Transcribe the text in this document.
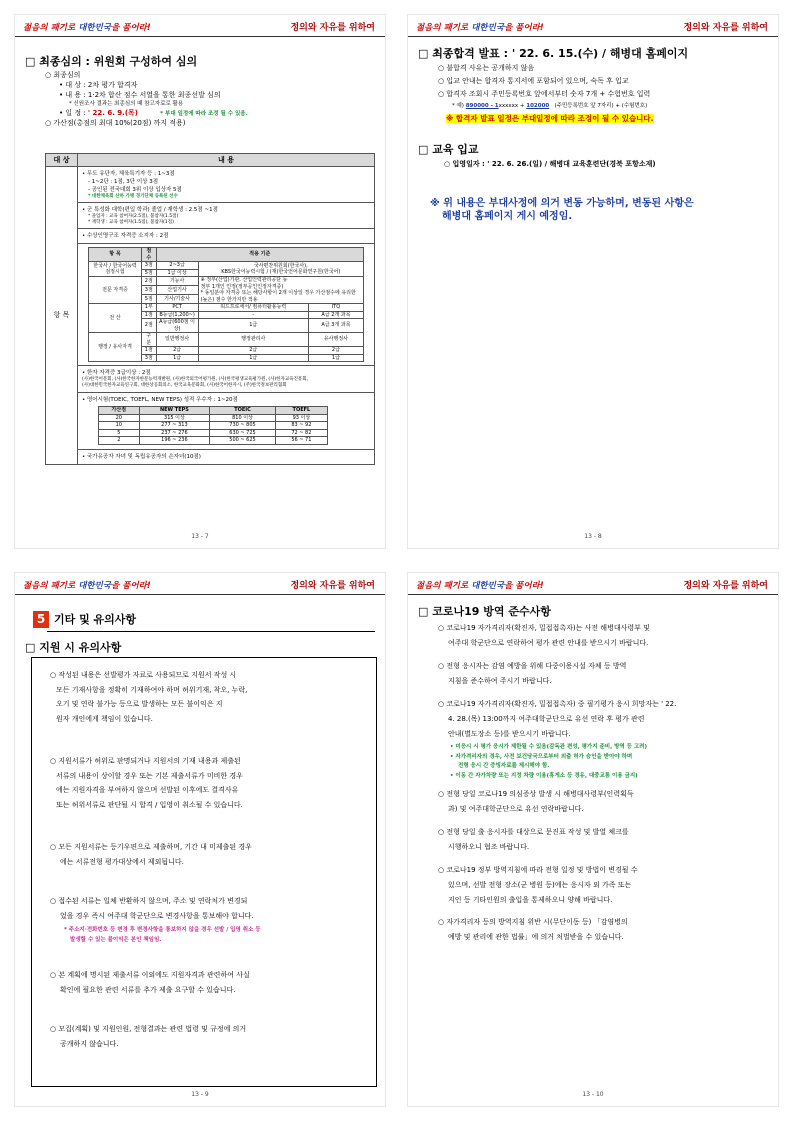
젊음의 패기로 대한민국을 품어라!	정의와 자유를 위하여
□ 최종심의 : 위원회 구성하여 심의
○ 최종심의
• 대 상 : 2차 평가 합격자
• 내 용 : 1·2차 합산 점수 서열을 통한 최종선발 심의
* 신원조사 결과는 최종심의 때 참고자료로 활용
• 일 정 : ' 22. 6. 9.(목)	* 부대 일정에 따라 조정 될 수 있음.
○ 가산점(총점의 최대 10%(20점) 까지 적용)
대 상	내 용
항 목	
• 무도 유단자, 체육특기자 등 : 1~3점
- 1~2단 : 1점, 3단 이상 3점
- 공인된 전국대회 3위 이상 입상자 5점
* 대한체육회 산하 가맹 경기단체 등록된 선수
• 군 특성화 대학(편입 학과) 졸업 / 재학생 : 2.5점 ~1점
* 졸업자 : 교육 참여자(2.5점), 불참자(1.5점)
* 재학생 : 교육 참여자(1.5점), 불참자(1점)
• 수상인명구조 자격증 소지자 : 2점
항 목	점 수	적용 기준
한국사 / 한국어능력 검정시험	3점	2~3급	국사편찬위원회(한국사),
KBS한국어능력시험 / (재)한국언어문화연구원(한국어)
5점	1급 이상
전문 자격증	2점	기능사	※ 정부(산업)기관, 산업인력관리공단 등
정부 1개인 인정(정부공인인정자격증)
* 동일분야 자격증 또는 해당사항이 2개 이상일 경우 가산점수에 유리한 (높은) 점수 한가지만 적용
3점	산업기사
5점	기사/기술사
전 산	1부	PCT	워드프로세서/ 컴퓨터활용능력	ITQ
1점	B등급(1,200~)	-	A급 2개 과목
2점	A등급(600점 이상)	1급	A급 3개 과목
행정 / 유사자격	구분	일반행정사	행정관리사	유사행정사
1점	2급	2급	2급
3점	1급	1급	1급
• 한자 자격증 3급이상 : 2점
(사)한국어문회, (사)한국한자한문능력개발원, (사)한국외국어평가원, (사)한국평생교육평가원, (사)한자교육진흥회,
(사)대한민국한자교육연구회, 대한상공회의소, 한국교육문화회, (사)한국어한자시, (주)한국정보관리협회
• 영어시험(TOEIC, TOEFL, NEW TEPS) 성적 우수자 : 1~20점
가산점	NEW TEPS	TOEIC	TOEFL
20	315 이상	810 이상	93 이상
10	277 ~ 313	730 ~ 805	83 ~ 92
5	237 ~ 276	630 ~ 725	72 ~ 82
2	196 ~ 236	500 ~ 625	56 ~ 71
• 국가유공자 자녀 및 독립유공자의 손자녀(10점)
13 - 7
젊음의 패기로 대한민국을 품어라!	정의와 자유를 위하여
□ 최종합격 발표 : ' 22. 6. 15.(수) / 해병대 홈페이지
○ 불합격 사유는 공개하지 않음
○ 입교 안내는 합격자 통지서에 포함되어 있으며, 숙독 후 입교
○ 합격자 조회시 주민등록번호 앞에서부터 숫자 7개 + 수험번호 입력
* 예) 890000 - 1xxxxxx + 102000 (주민등록번호 앞 7자리) + (수험번호)
※ 합격자 발표 일정은 부대일정에 따라 조정이 될 수 있습니다.
□ 교육 입교
○ 입영일자 : ' 22. 6. 26.(일) / 해병대 교육훈련단(경북 포항소재)
※ 위 내용은 부대사정에 의거 변동 가능하며, 변동된 사항은
해병대 홈페이지 게시 예정임.
13 - 8
젊음의 패기로 대한민국을 품어라!	정의와 자유를 위하여
5 기타 및 유의사항
□ 지원 시 유의사항
○ 작성된 내용은 선발평가 자료로 사용되므로 지원서 작성 시
모든 기재사항을 정확히 기재하여야 하며 허위기재, 착오, 누락,
오기 및 연락 불가능 등으로 발생하는 모든 불이익은 지
원자 개인에게 책임이 있습니다.
○ 지원서류가 허위로 판명되거나 지원서의 기재 내용과 제출된
서류의 내용이 상이할 경우 또는 기본 제출서류가 미비한 경우
에는 지원자격을 부여하지 않으며 선발된 이후에도 결격사유
또는 허위서류로 판단될 시 합격 / 입영이 취소될 수 있습니다.
○ 모든 지원서류는 등기우편으로 제출하며, 기간 내 미제출된 경우
에는 서류전형 평가대상에서 제외됩니다.
○ 접수된 서류는 일체 반환하지 않으며, 주소 및 연락처가 변경되
었을 경우 즉시 여주대 학군단으로 변경사항을 통보해야 합니다.
* 주소지·전화번호 등 변경 후 변경사항을 통보하지 않을 경우 선발 / 입영 취소 등
발생할 수 있는 불이익은 본인 책임임.
○ 본 계획에 명시된 제출서류 이외에도 지원자격과 관련하여 사실
확인에 필요한 관련 서류를 추가 제출 요구할 수 있습니다.
○ 모집(계획) 및 지원인원, 전형결과는 관련 법령 및 규정에 의거
공개하지 않습니다.
13 - 9
젊음의 패기로 대한민국을 품어라!	정의와 자유를 위하여
□ 코로나19 방역 준수사항
○ 코로나19 자가격리자(확진자, 밀접접촉자)는 사전 해병대사령부 및
여주대 학군단으로 연락하여 평가 관련 안내를 받으시기 바랍니다.
○ 전형 응시자는 감염 예방을 위해 다중이용시설 자체 등 방역
지침을 준수하여 주시기 바랍니다.
○ 코로나19 자가격리자(확진자, 밀접접촉자) 중 필기평가 응시 희망자는 ' 22.
4. 28.(목) 13:00까지 여주대학군단으로 유선 연락 후 평가 관련
안내(별도장소 등)를 받으시기 바랍니다.
• 미응시 시 평가 응시가 제한될 수 있음(감독관 편성, 평가지 준비, 방역 등 고려)
• 자가격리자의 경우, 사전 보건당국으로부터 외출 허가 승인을 받아야 하며
전형 응시 간 증빙자료를 제시해야 함.
• 이동 간 자가차량 또는 지정 차량 이용(휴게소 등 경유, 대중교통 이용 금지)
○ 전형 당일 코로나19 의심증상 발생 시 해병대사령부(인력획득
과) 및 여주대학군단으로 유선 연락바랍니다.
○ 전형 당일 출 응시자를 대상으로 문진표 작성 및 발열 체크를
시행하오니 협조 바랍니다.
○ 코로나19 정부 방역지침에 따라 전형 일정 및 방법이 변경될 수
있으며, 선발 전형 장소(군 병원 등)에는 응시자 외 가족 또는
지인 등 기타인원의 출입을 통제하오니 양해 바랍니다.
○ 자가격리자 등의 방역지침 위반 시(무단이동 등) 「감염병의
예방 및 관리에 관한 법률」에 의거 처벌받을 수 있습니다.
13 - 10
